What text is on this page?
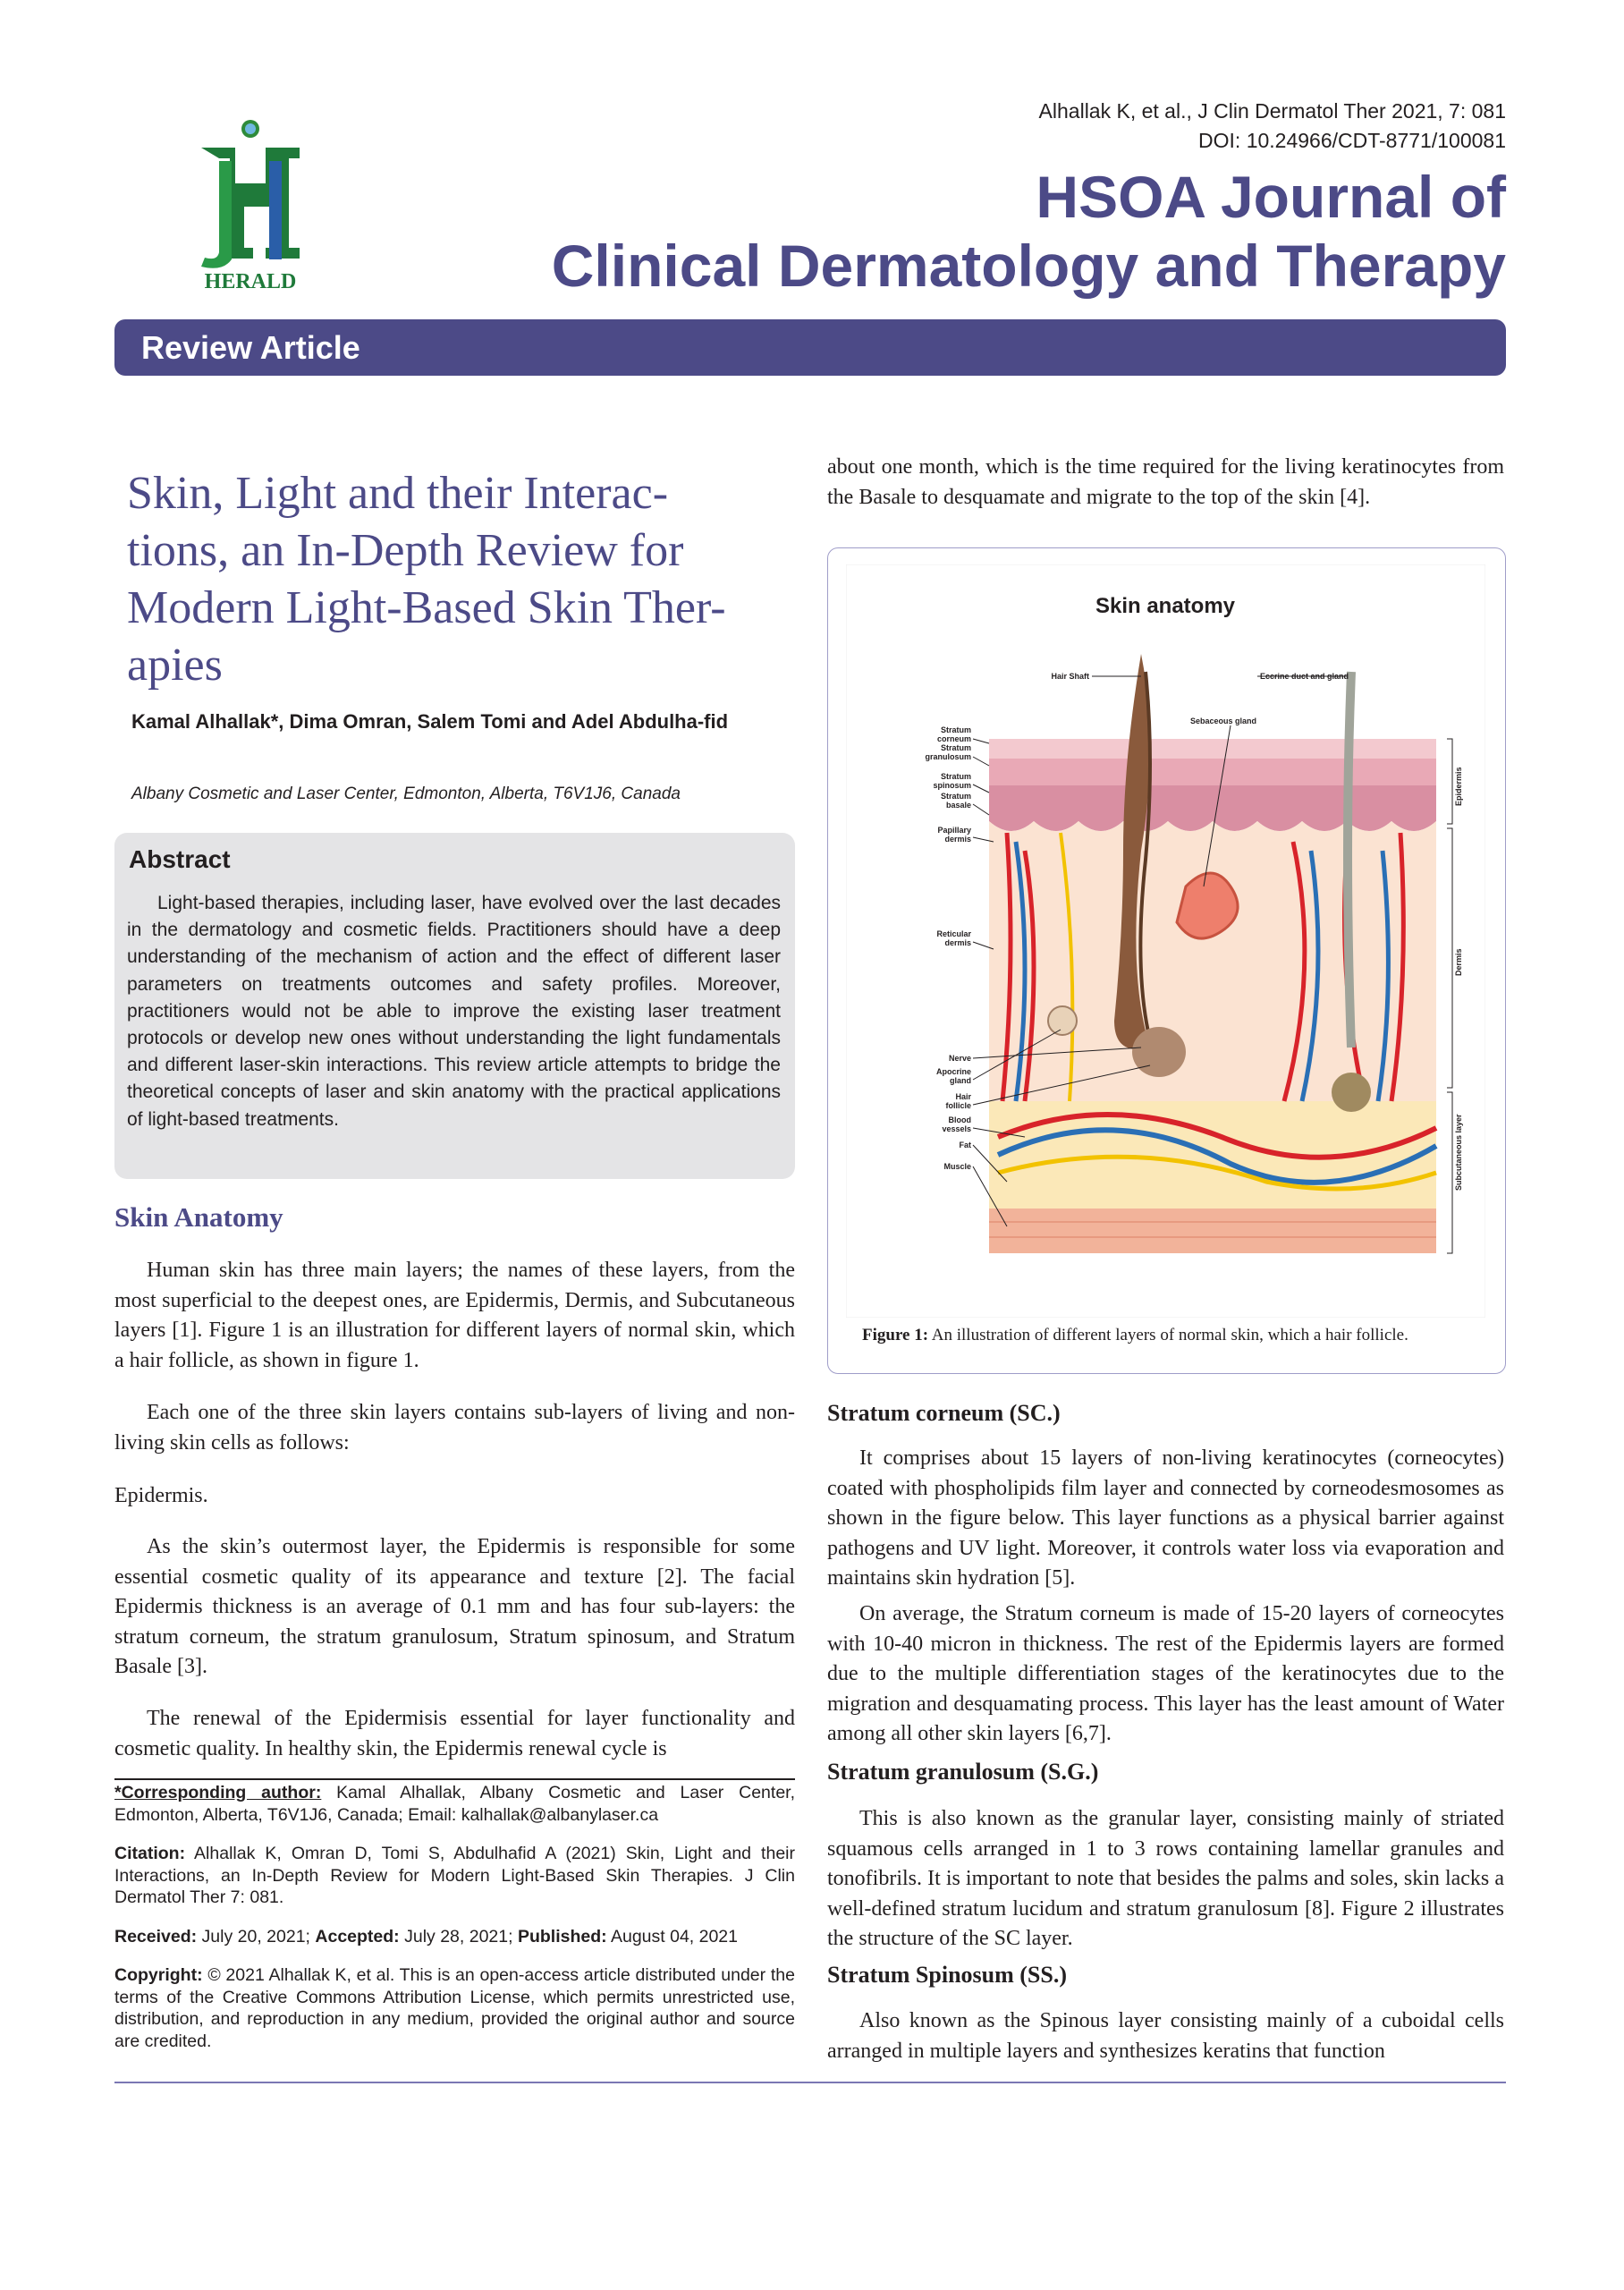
HERALD
Alhallak K, et al., J Clin Dermatol Ther 2021, 7: 081
DOI: 10.24966/CDT-8771/100081
HSOA Journal of
Clinical Dermatology and Therapy
Review Article
Skin, Light and their Interac-
tions, an In-Depth Review for
Modern Light-Based Skin Ther-
apies
Kamal Alhallak*, Dima Omran, Salem Tomi and Adel Abdulha-fid
Albany Cosmetic and Laser Center, Edmonton, Alberta, T6V1J6, Canada
Abstract
Light-based therapies, including laser, have evolved over the last decades in the dermatology and cosmetic fields. Practitioners should have a deep understanding of the mechanism of action and the effect of different laser parameters on treatments outcomes and safety profiles. Moreover, practitioners would not be able to improve the existing laser treatment protocols or develop new ones without understanding the light fundamentals and different laser-skin interactions. This review article attempts to bridge the theoretical concepts of laser and skin anatomy with the practical applications of light-based treatments.
Skin Anatomy
Human skin has three main layers; the names of these layers, from the most superficial to the deepest ones, are Epidermis, Dermis, and Subcutaneous layers [1]. Figure 1 is an illustration for different layers of normal skin, which a hair follicle, as shown in figure 1.
Each one of the three skin layers contains sub-layers of living and non-living skin cells as follows:
Epidermis.
As the skin’s outermost layer, the Epidermis is responsible for some essential cosmetic quality of its appearance and texture [2]. The facial Epidermis thickness is an average of 0.1 mm and has four sub-layers: the stratum corneum, the stratum granulosum, Stratum spinosum, and Stratum Basale [3].
The renewal of the Epidermisis essential for layer functionality and cosmetic quality. In healthy skin, the Epidermis renewal cycle is

*Corresponding author: Kamal Alhallak, Albany Cosmetic and Laser Center, Edmonton, Alberta, T6V1J6, Canada; Email: kalhallak@albanylaser.ca

Citation: Alhallak K, Omran D, Tomi S, Abdulhafid A (2021) Skin, Light and their Interactions, an In-Depth Review for Modern Light-Based Skin Therapies. J Clin Dermatol Ther 7: 081.

Received: July 20, 2021; Accepted: July 28, 2021; Published: August 04, 2021

Copyright: © 2021 Alhallak K, et al. This is an open-access article distributed under the terms of the Creative Commons Attribution License, which permits unrestricted use, distribution, and reproduction in any medium, provided the original author and source are credited.

about one month, which is the time required for the living keratinocytes from the Basale to desquamate and migrate to the top of the skin [4].
Skin anatomy
Stratum
corneum
Stratum
granulosum
Stratum
spinosum
Stratum
basale
Papillary
dermis
Reticular
dermis
Nerve
Apocrine
gland
Hair
follicle
Blood
vessels
Fat
Muscle
Hair Shaft	Eccrine duct and gland
Sebaceous gland
Epidermis
Dermis
Subcutaneous layer
Figure 1: An illustration of different layers of normal skin, which a hair follicle.
Stratum corneum (SC.)
It comprises about 15 layers of non-living keratinocytes (corneocytes) coated with phospholipids film layer and connected by corneodesmosomes as shown in the figure below. This layer functions as a physical barrier against pathogens and UV light. Moreover, it controls water loss via evaporation and maintains skin hydration [5].
On average, the Stratum corneum is made of 15-20 layers of corneocytes with 10-40 micron in thickness. The rest of the Epidermis layers are formed due to the multiple differentiation stages of the keratinocytes due to the migration and desquamating process. This layer has the least amount of Water among all other skin layers [6,7].
Stratum granulosum (S.G.)
This is also known as the granular layer, consisting mainly of striated squamous cells arranged in 1 to 3 rows containing lamellar granules and tonofibrils. It is important to note that besides the palms and soles, skin lacks a well-defined stratum lucidum and stratum granulosum [8]. Figure 2 illustrates the structure of the SC layer.
Stratum Spinosum (SS.)
Also known as the Spinous layer consisting mainly of a cuboidal cells arranged in multiple layers and synthesizes keratins that function
